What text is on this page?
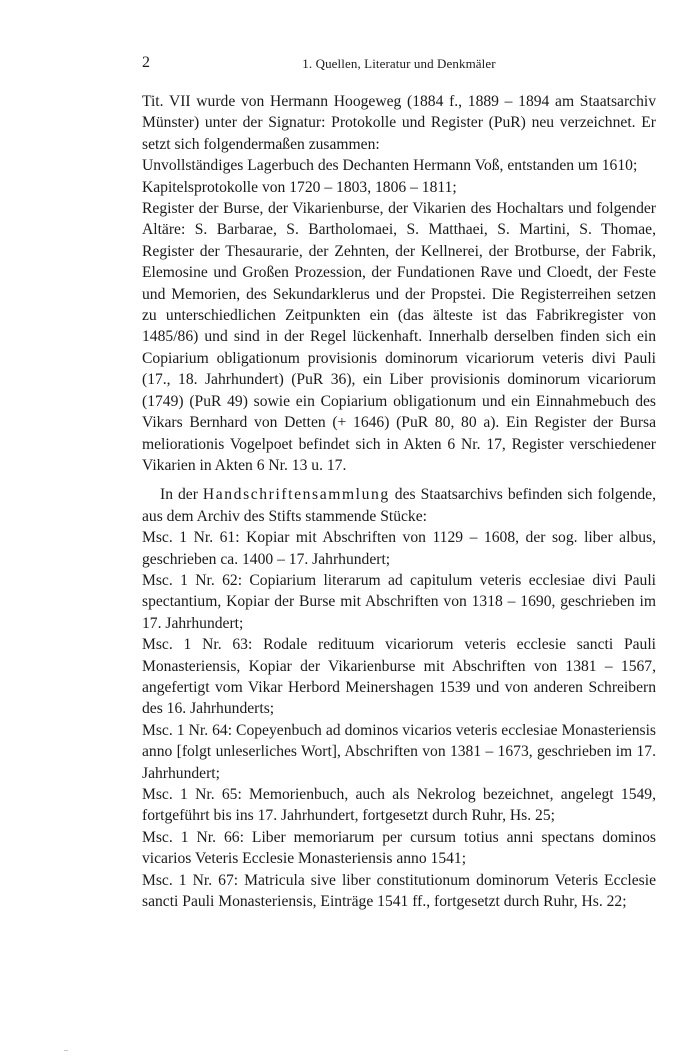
2	1. Quellen, Literatur und Denkmäler

Tit. VII wurde von Hermann Hoogeweg (1884 f., 1889 – 1894 am Staatsarchiv Münster) unter der Signatur: Protokolle und Register (PuR) neu verzeichnet. Er setzt sich folgendermaßen zusammen:

Unvollständiges Lagerbuch des Dechanten Hermann Voß, entstanden um 1610;

Kapitelsprotokolle von 1720 – 1803, 1806 – 1811;

Register der Burse, der Vikarienburse, der Vikarien des Hochaltars und folgender Altäre: S. Barbarae, S. Bartholomaei, S. Matthaei, S. Martini, S. Thomae, Register der Thesaurarie, der Zehnten, der Kellnerei, der Brotburse, der Fabrik, Elemosine und Großen Prozession, der Fundationen Rave und Cloedt, der Feste und Memorien, des Sekundarklerus und der Propstei. Die Registerreihen setzen zu unterschiedlichen Zeitpunkten ein (das älteste ist das Fabrikregister von 1485/86) und sind in der Regel lückenhaft. Innerhalb derselben finden sich ein Copiarium obligationum provisionis dominorum vicariorum veteris divi Pauli (17., 18. Jahrhundert) (PuR 36), ein Liber provisionis dominorum vicariorum (1749) (PuR 49) sowie ein Copiarium obligationum und ein Einnahmebuch des Vikars Bernhard von Detten (+ 1646) (PuR 80, 80 a). Ein Register der Bursa meliorationis Vogelpoet befindet sich in Akten 6 Nr. 17, Register verschiedener Vikarien in Akten 6 Nr. 13 u. 17.

In der Handschriftensammlung des Staatsarchivs befinden sich folgende, aus dem Archiv des Stifts stammende Stücke:

Msc. 1 Nr. 61: Kopiar mit Abschriften von 1129 – 1608, der sog. liber albus, geschrieben ca. 1400 – 17. Jahrhundert;

Msc. 1 Nr. 62: Copiarium literarum ad capitulum veteris ecclesiae divi Pauli spectantium, Kopiar der Burse mit Abschriften von 1318 – 1690, geschrieben im 17. Jahrhundert;

Msc. 1 Nr. 63: Rodale redituum vicariorum veteris ecclesie sancti Pauli Monasteriensis, Kopiar der Vikarienburse mit Abschriften von 1381 – 1567, angefertigt vom Vikar Herbord Meinershagen 1539 und von anderen Schreibern des 16. Jahrhunderts;

Msc. 1 Nr. 64: Copeyenbuch ad dominos vicarios veteris ecclesiae Monasteriensis anno [folgt unleserliches Wort], Abschriften von 1381 – 1673, geschrieben im 17. Jahrhundert;

Msc. 1 Nr. 65: Memorienbuch, auch als Nekrolog bezeichnet, angelegt 1549, fortgeführt bis ins 17. Jahrhundert, fortgesetzt durch Ruhr, Hs. 25;

Msc. 1 Nr. 66: Liber memoriarum per cursum totius anni spectans dominos vicarios Veteris Ecclesie Monasteriensis anno 1541;

Msc. 1 Nr. 67: Matricula sive liber constitutionum dominorum Veteris Ecclesie sancti Pauli Monasteriensis, Einträge 1541 ff., fortgesetzt durch Ruhr, Hs. 22;
